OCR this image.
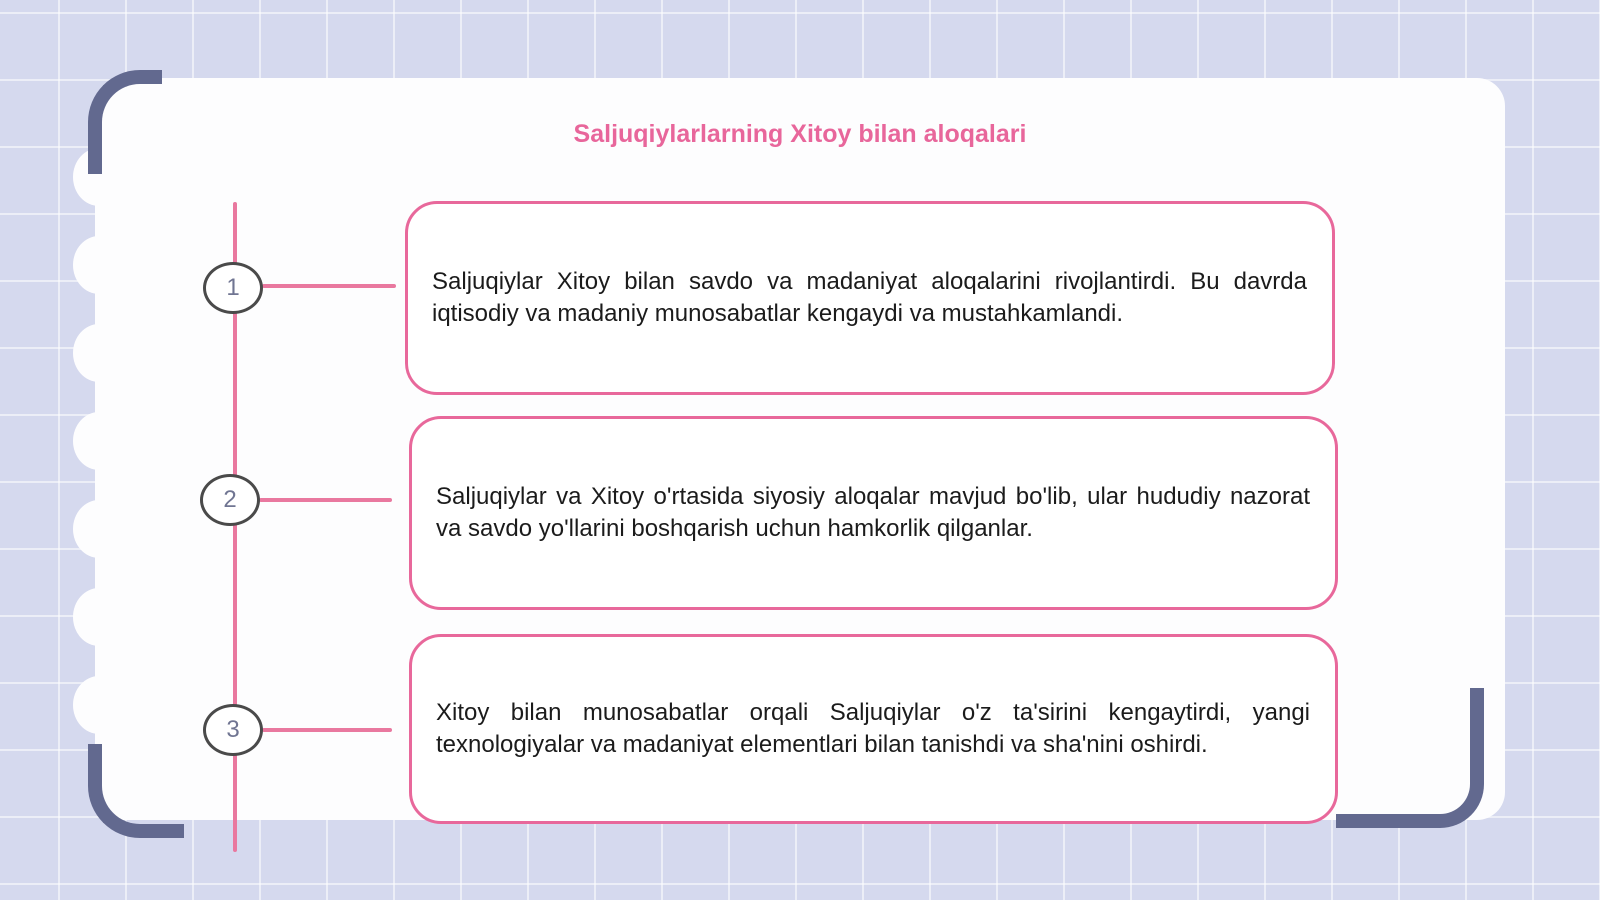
Saljuqiylarlarning Xitoy bilan aloqalari
1	Saljuqiylar Xitoy bilan savdo va madaniyat aloqalarini rivojlantirdi. Bu davrda iqtisodiy va madaniy munosabatlar kengaydi va mustahkamlandi.

2	Saljuqiylar va Xitoy o'rtasida siyosiy aloqalar mavjud bo'lib, ular hududiy nazorat va savdo yo'llarini boshqarish uchun hamkorlik qilganlar.

3

Xitoy bilan munosabatlar orqali Saljuqiylar o'z ta'sirini kengaytirdi, yangi texnologiyalar va madaniyat elementlari bilan tanishdi va sha'nini oshirdi.
